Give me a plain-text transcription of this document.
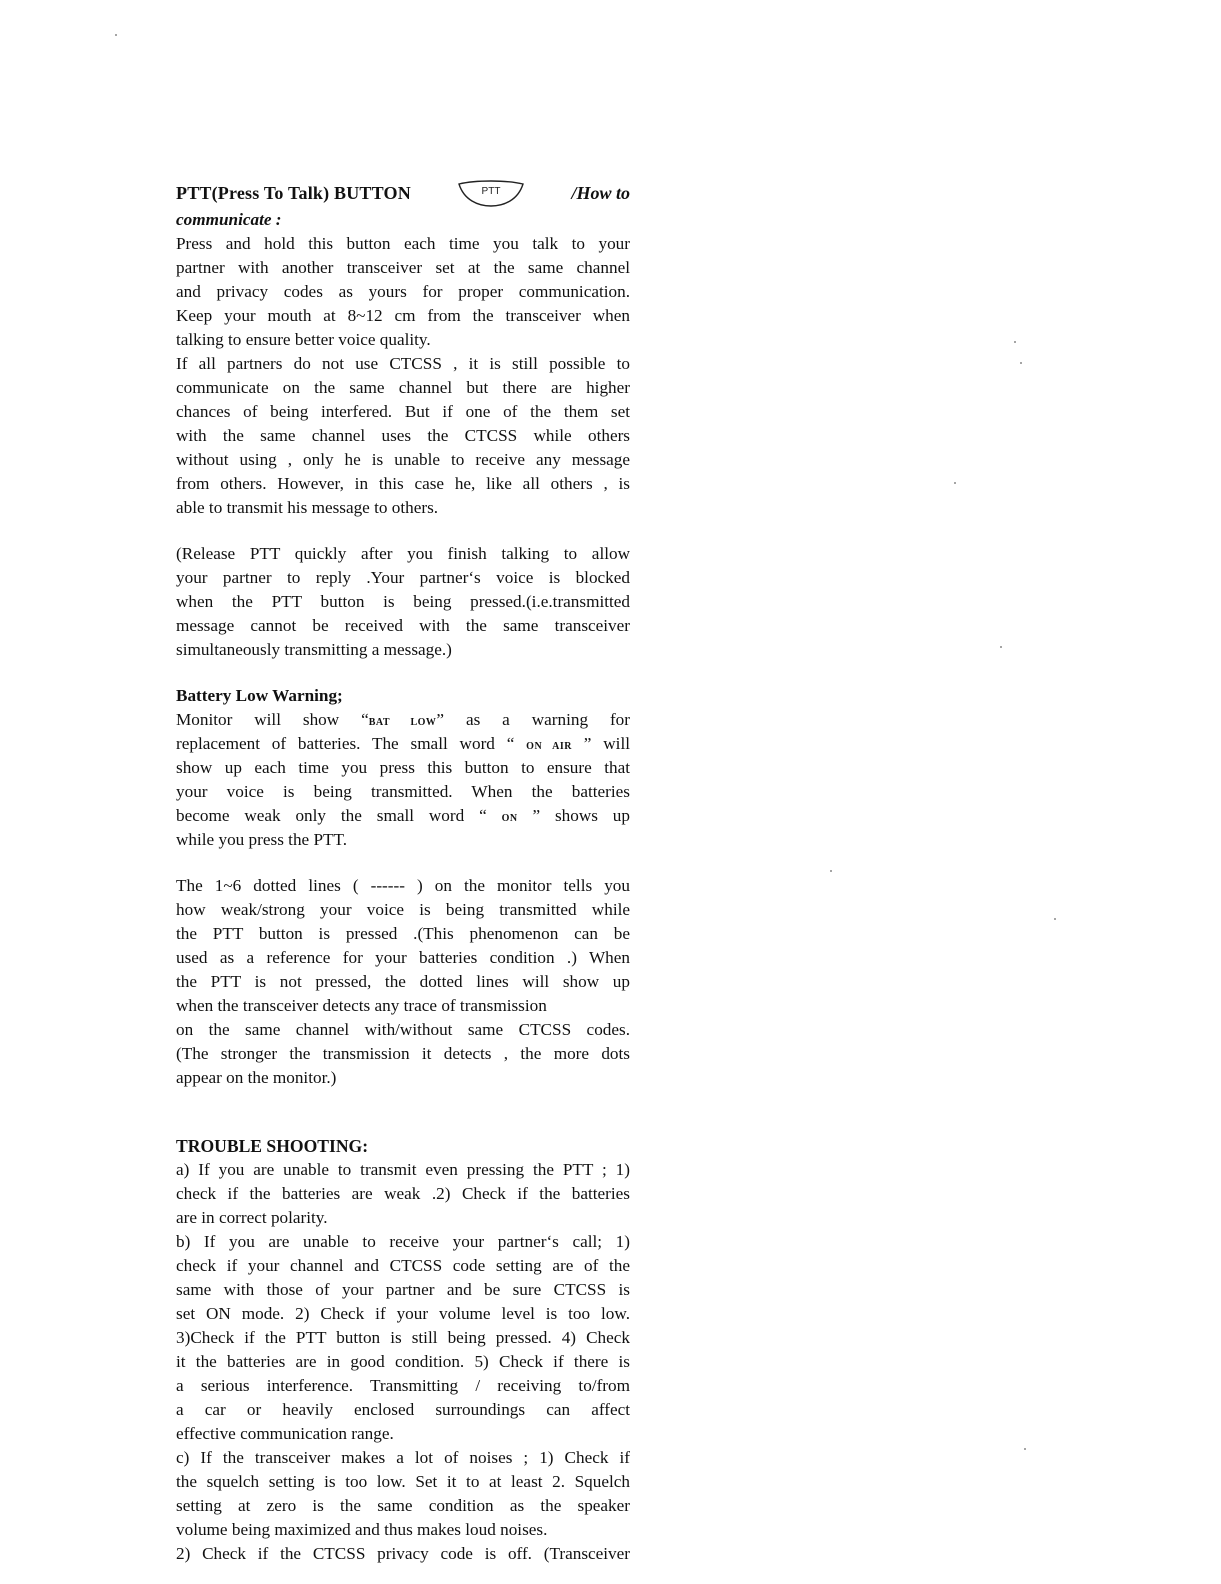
PTT(Press To Talk) BUTTON	PTT	/How to
communicate :
Press and hold this button each time you talk to your
partner with another transceiver set at the same channel
and privacy codes as yours for proper communication.
Keep your mouth at 8~12 cm from the transceiver when
talking to ensure better voice quality.
If all partners do not use CTCSS , it is still possible to
communicate on the same channel but there are higher
chances of being interfered. But if one of the them set
with the same channel uses the CTCSS while others
without using , only he is unable to receive any message
from others. However, in this case he, like all others , is
able to transmit his message to others.
(Release PTT quickly after you finish talking to allow
your partner to reply .Your partner‘s voice is blocked
when the PTT button is being pressed.(i.e.transmitted
message cannot be received with the same transceiver
simultaneously transmitting a message.)
Battery Low Warning;
Monitor will show “BAT LOW” as a warning for
replacement of batteries. The small word “ ON AIR ” will
show up each time you press this button to ensure that
your voice is being transmitted. When the batteries
become weak only the small word “ ON ” shows up
while you press the PTT.
The 1~6 dotted lines ( ------ ) on the monitor tells you
how weak/strong your voice is being transmitted while
the PTT button is pressed .(This phenomenon can be
used as a reference for your batteries condition .) When
the PTT is not pressed, the dotted lines will show up
when the transceiver detects any trace of transmission
on the same channel with/without same CTCSS codes.
(The stronger the transmission it detects , the more dots
appear on the monitor.)
TROUBLE SHOOTING:
a) If you are unable to transmit even pressing the PTT ; 1)
check if the batteries are weak .2) Check if the batteries
are in correct polarity.
b) If you are unable to receive your partner‘s call; 1)
check if your channel and CTCSS code setting are of the
same with those of your partner and be sure CTCSS is
set ON mode. 2) Check if your volume level is too low.
3)Check if the PTT button is still being pressed. 4) Check
it the batteries are in good condition. 5) Check if there is
a serious interference. Transmitting / receiving to/from
a car or heavily enclosed surroundings can affect
effective communication range.
c) If the transceiver makes a lot of noises ; 1) Check if
the squelch setting is too low. Set it to at least 2. Squelch
setting at zero is the same condition as the speaker
volume being maximized and thus makes loud noises.
2) Check if the CTCSS privacy code is off. (Transceiver
